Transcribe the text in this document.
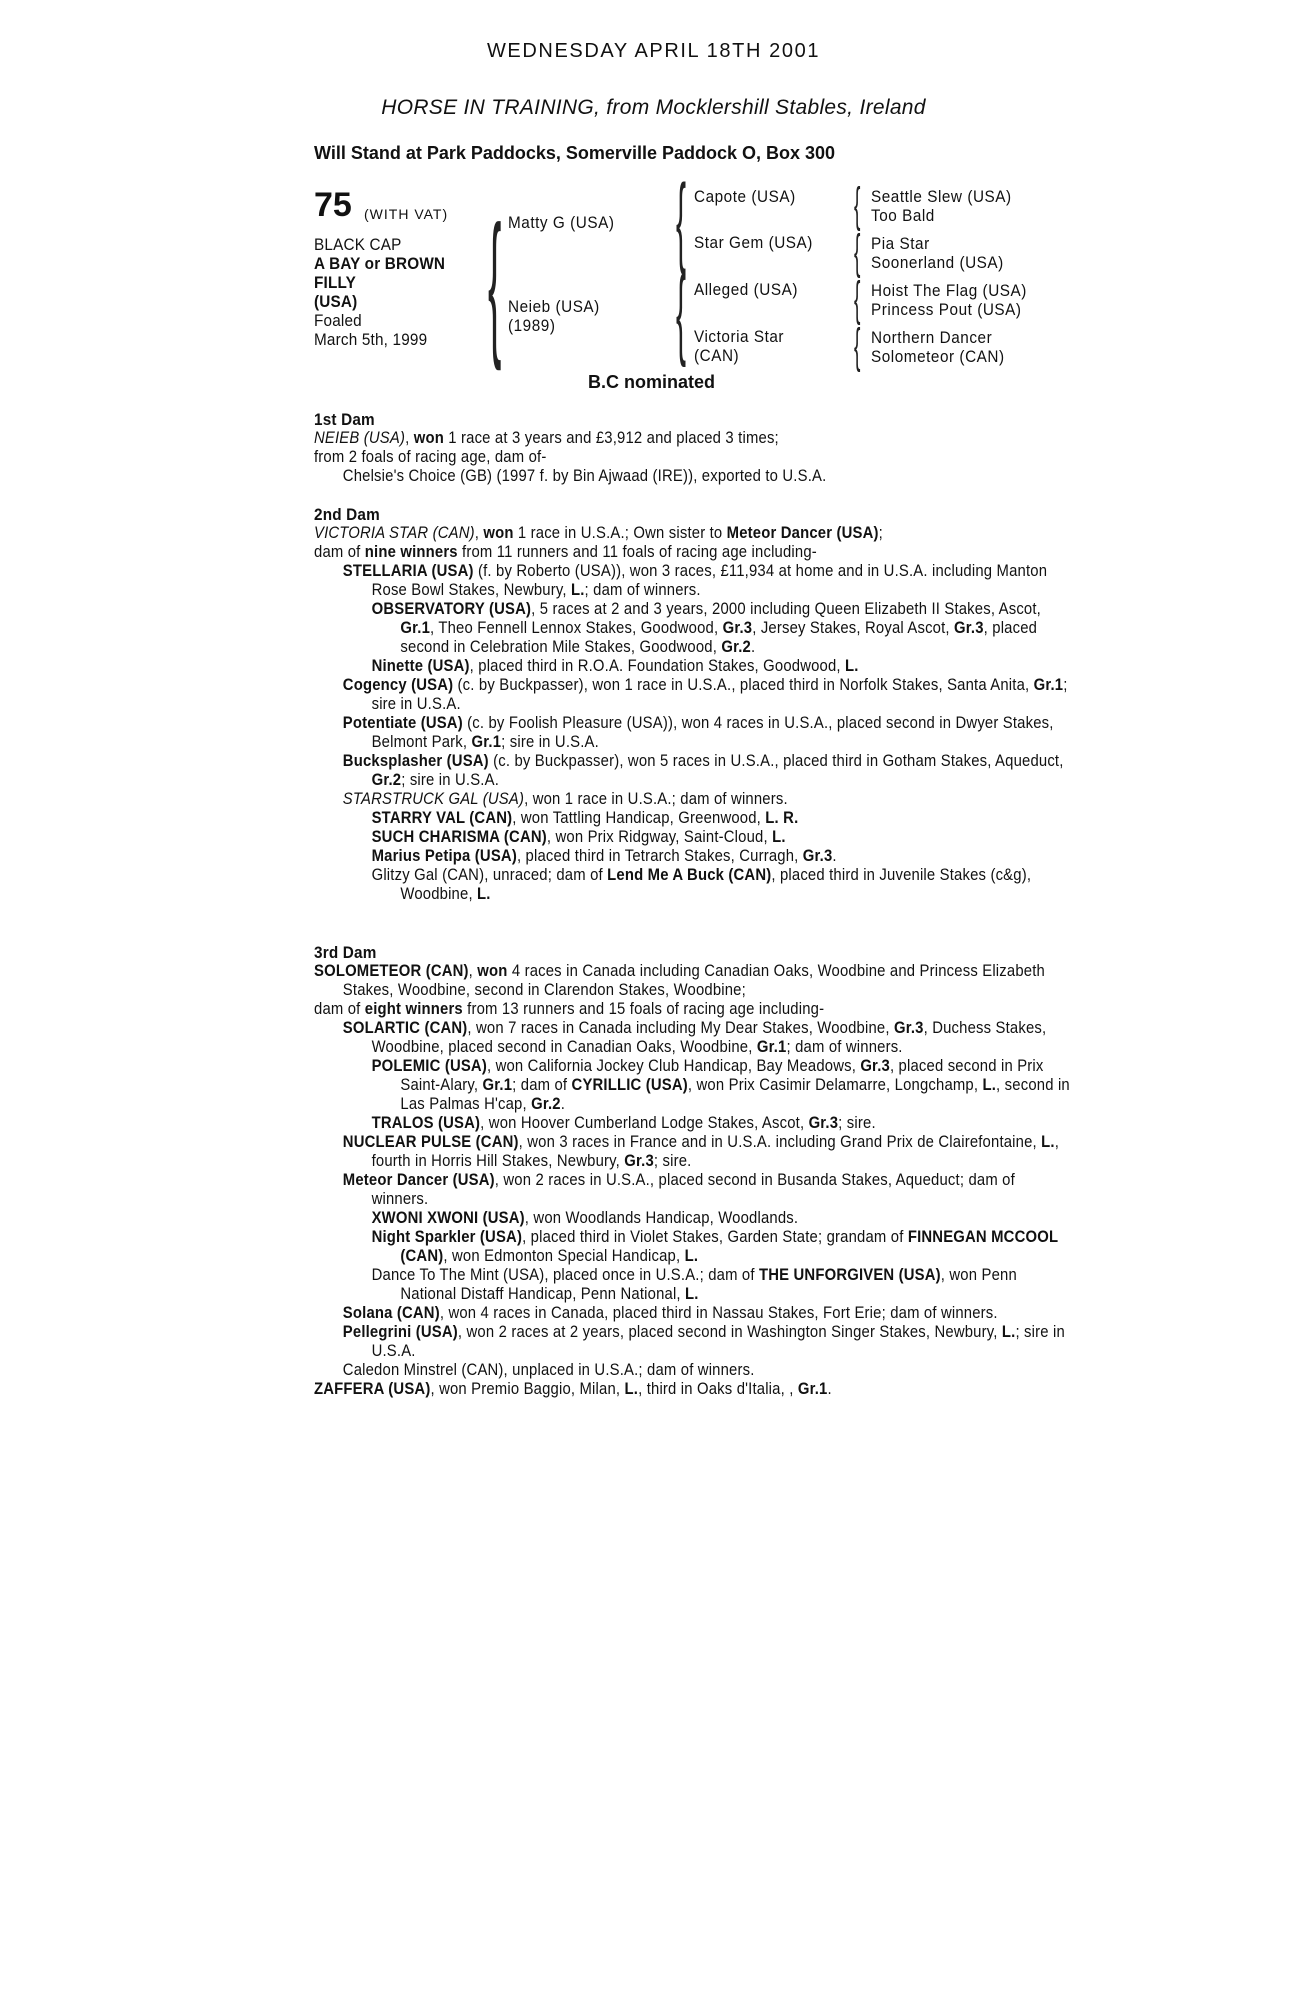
WEDNESDAY APRIL 18TH 2001
HORSE IN TRAINING, from Mocklershill Stables, Ireland
Will Stand at Park Paddocks, Somerville Paddock O, Box 300
75 (WITH VAT)
BLACK CAP
A BAY or BROWN
FILLY
(USA)
Foaled
March 5th, 1999 { Matty G (USA)
Neieb (USA)
(1989)
{
{
Capote (USA)
Star Gem (USA)
Alleged (USA)
Victoria Star
(CAN)
{
{
{
{
Seattle Slew (USA)
Too Bald
Pia Star
Soonerland (USA)
Hoist The Flag (USA)
Princess Pout (USA)
Northern Dancer
Solometeor (CAN)
B.C nominated

1st Dam

NEIEB (USA), won 1 race at 3 years and £3,912 and placed 3 times;

from 2 foals of racing age, dam of-

Chelsie's Choice (GB) (1997 f. by Bin Ajwaad (IRE)), exported to U.S.A.

2nd Dam

VICTORIA STAR (CAN), won 1 race in U.S.A.; Own sister to Meteor Dancer (USA);

dam of nine winners from 11 runners and 11 foals of racing age including-

STELLARIA (USA) (f. by Roberto (USA)), won 3 races, £11,934 at home and in U.S.A. including Manton Rose Bowl Stakes, Newbury, L.; dam of winners.

OBSERVATORY (USA), 5 races at 2 and 3 years, 2000 including Queen Elizabeth II Stakes, Ascot, Gr.1, Theo Fennell Lennox Stakes, Goodwood, Gr.3, Jersey Stakes, Royal Ascot, Gr.3, placed second in Celebration Mile Stakes, Goodwood, Gr.2.

Ninette (USA), placed third in R.O.A. Foundation Stakes, Goodwood, L.

Cogency (USA) (c. by Buckpasser), won 1 race in U.S.A., placed third in Norfolk Stakes, Santa Anita, Gr.1; sire in U.S.A.

Potentiate (USA) (c. by Foolish Pleasure (USA)), won 4 races in U.S.A., placed second in Dwyer Stakes, Belmont Park, Gr.1; sire in U.S.A.

Bucksplasher (USA) (c. by Buckpasser), won 5 races in U.S.A., placed third in Gotham Stakes, Aqueduct, Gr.2; sire in U.S.A.

STARSTRUCK GAL (USA), won 1 race in U.S.A.; dam of winners.

STARRY VAL (CAN), won Tattling Handicap, Greenwood, L. R.

SUCH CHARISMA (CAN), won Prix Ridgway, Saint-Cloud, L.

Marius Petipa (USA), placed third in Tetrarch Stakes, Curragh, Gr.3.

Glitzy Gal (CAN), unraced; dam of Lend Me A Buck (CAN), placed third in Juvenile Stakes (c&g), Woodbine, L.

3rd Dam

SOLOMETEOR (CAN), won 4 races in Canada including Canadian Oaks, Woodbine and Princess Elizabeth Stakes, Woodbine, second in Clarendon Stakes, Woodbine;

dam of eight winners from 13 runners and 15 foals of racing age including-

SOLARTIC (CAN), won 7 races in Canada including My Dear Stakes, Woodbine, Gr.3, Duchess Stakes, Woodbine, placed second in Canadian Oaks, Woodbine, Gr.1; dam of winners.

POLEMIC (USA), won California Jockey Club Handicap, Bay Meadows, Gr.3, placed second in Prix Saint-Alary, Gr.1; dam of CYRILLIC (USA), won Prix Casimir Delamarre, Longchamp, L., second in Las Palmas H'cap, Gr.2.

TRALOS (USA), won Hoover Cumberland Lodge Stakes, Ascot, Gr.3; sire.

NUCLEAR PULSE (CAN), won 3 races in France and in U.S.A. including Grand Prix de Clairefontaine, L., fourth in Horris Hill Stakes, Newbury, Gr.3; sire.

Meteor Dancer (USA), won 2 races in U.S.A., placed second in Busanda Stakes, Aqueduct; dam of winners.

XWONI XWONI (USA), won Woodlands Handicap, Woodlands.

Night Sparkler (USA), placed third in Violet Stakes, Garden State; grandam of FINNEGAN MCCOOL (CAN), won Edmonton Special Handicap, L.

Dance To The Mint (USA), placed once in U.S.A.; dam of THE UNFORGIVEN (USA), won Penn National Distaff Handicap, Penn National, L.

Solana (CAN), won 4 races in Canada, placed third in Nassau Stakes, Fort Erie; dam of winners.

Pellegrini (USA), won 2 races at 2 years, placed second in Washington Singer Stakes, Newbury, L.; sire in U.S.A.

Caledon Minstrel (CAN), unplaced in U.S.A.; dam of winners.

ZAFFERA (USA), won Premio Baggio, Milan, L., third in Oaks d'Italia, , Gr.1.
